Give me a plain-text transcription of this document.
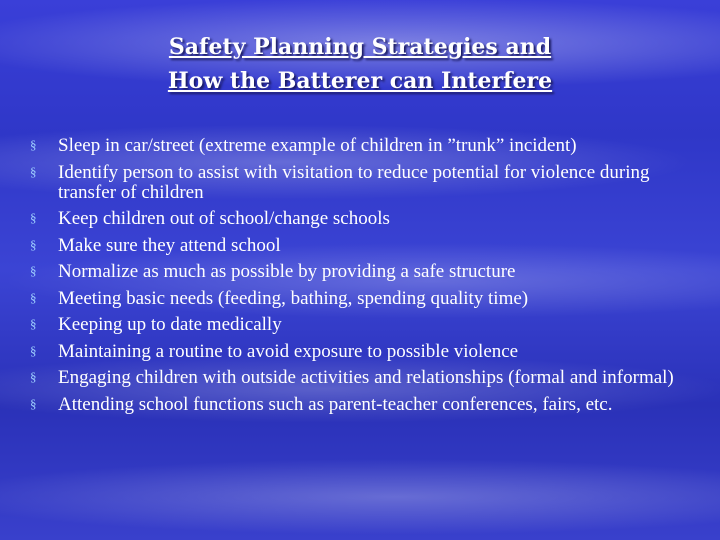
Safety Planning Strategies and
How the Batterer can Interfere
§ Sleep in car/street (extreme example of children in ”trunk” incident)
§ Identify person to assist with visitation to reduce potential for violence during transfer of children
§ Keep children out of school/change schools
§ Make sure they attend school
§ Normalize as much as possible by providing a safe structure
§ Meeting basic needs (feeding, bathing, spending quality time)
§ Keeping up to date medically
§ Maintaining a routine to avoid exposure to possible violence
§ Engaging children with outside activities and relationships (formal and informal)
§ Attending school functions such as parent-teacher conferences, fairs, etc.
